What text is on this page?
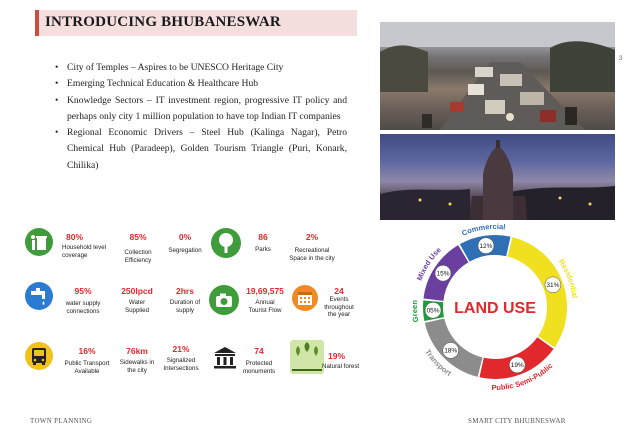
INTRODUCING BHUBANESWAR
3
• City of Temples – Aspires to be UNESCO Heritage City
• Emerging Technical Education & Healthcare Hub
• Knowledge Sectors – IT investment region, progressive IT policy and perhaps only city 1 million population to have top Indian IT companies
• Regional Economic Drivers – Steel Hub (Kalinga Nagar), Petro Chemical Hub (Paradeep), Golden Tourism Triangle (Puri, Konark, Chilika)
80%
Household level
coverage
85%
Collection
Efficiency
0%
Segregation
86
Parks
2%
Recreational
Space in the city
95%
water supply
connections
250lpcd
Water
Supplied
2hrs
Duration of
supply
19,69,575
Annual
Tourist Flow
24
Events
throughout
the year
16%
Public Transport
Available
76km
Sidewalks in
the city
21%
Signalized
Intersections
74
Protected
monuments
19%
Natural forest
05%
Green
15%
Mixed Use	12%
Commercial
31%
Residential
19%
Public Semi-Public
18%
Transport
LAND USE
TOWN PLANNING	SMART CITY BHUBNESWAR
